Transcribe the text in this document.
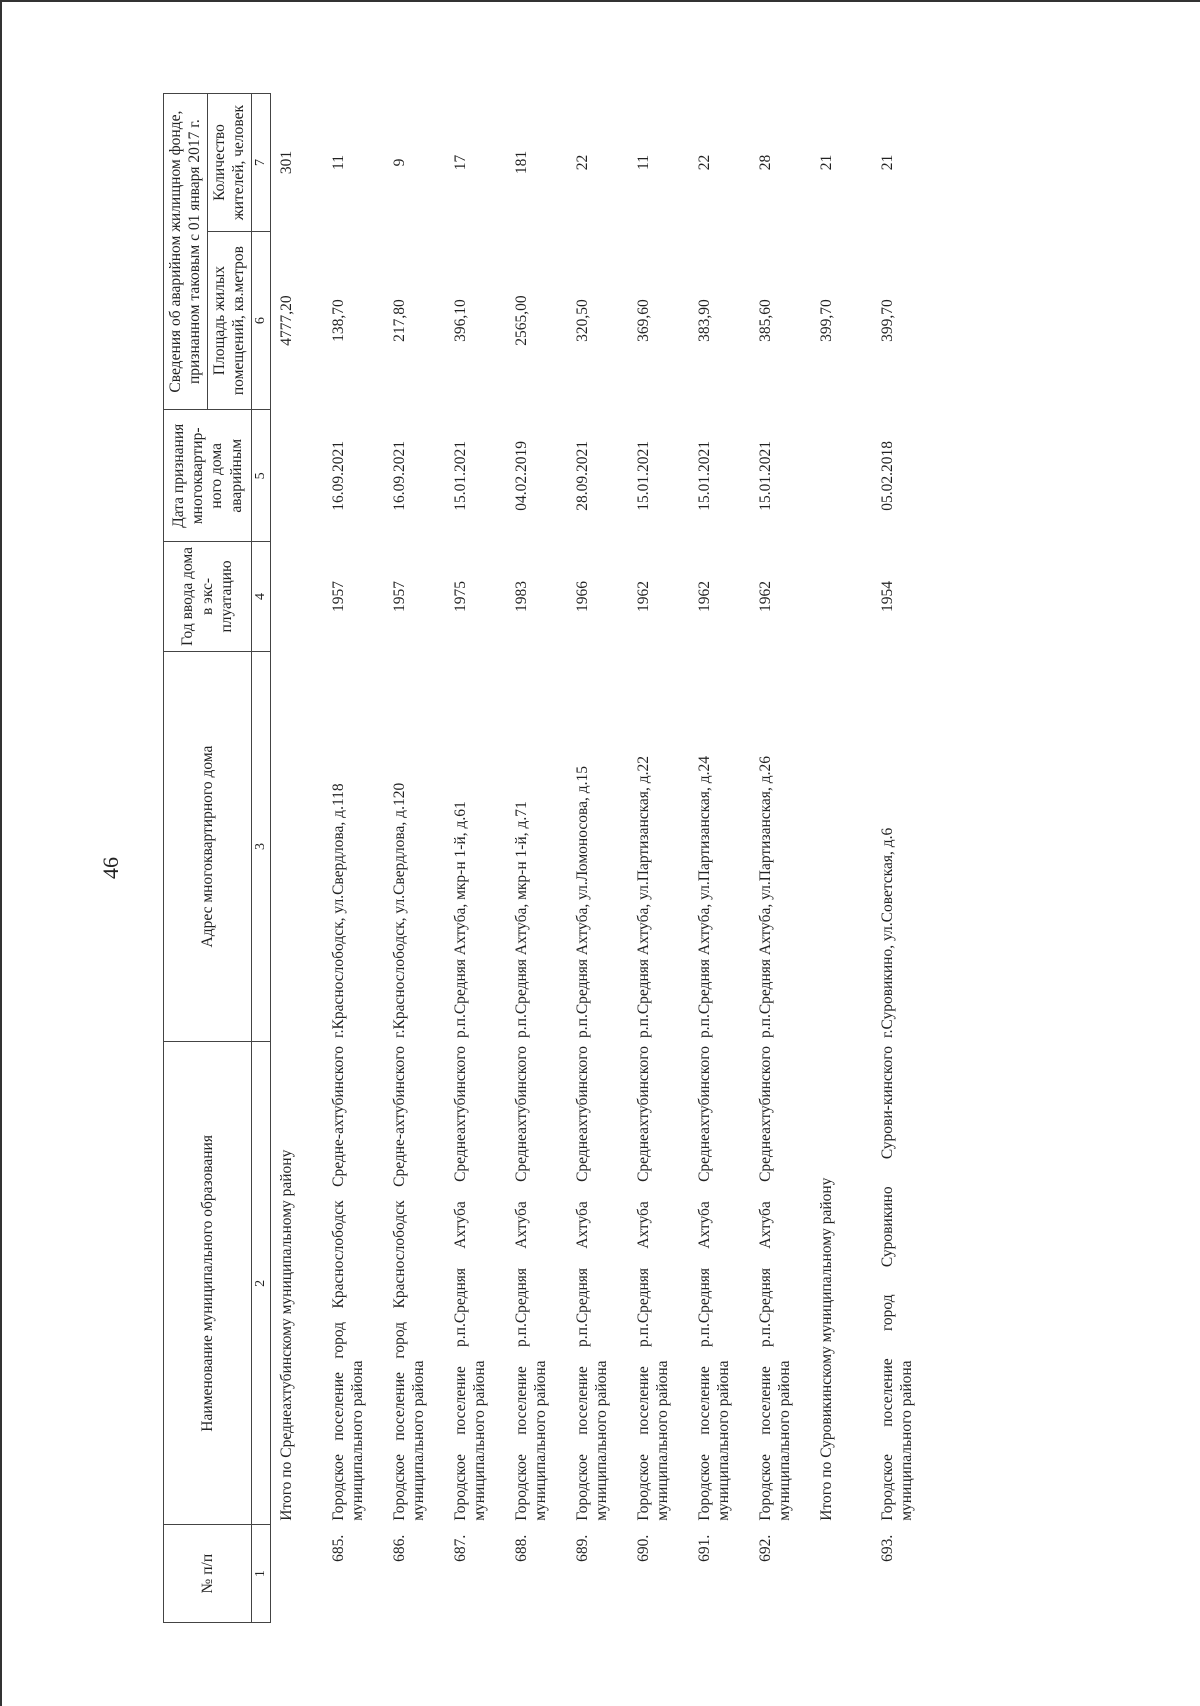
46
№ п/п	Наименование муниципального образования	Адрес многоквартирного дома	Год ввода дома в экс-плуатацию	Дата признания многоквартир-ного дома аварийным	Сведения об аварийном жилищном фонде, признанном таковым с 01 января 2017 г.	
					Площадь жилых помещений, кв.метров	Количество жителей, человек
1	2	3	4	5	6	7
	Итого по Среднеахтубинскому муниципальному району				4777,20	301
685.	Городское поселение город Краснослободск Средне-ахтубинского муниципального района	г.Краснослободск, ул.Свердлова, д.118	1957	16.09.2021	138,70	11
686.	Городское поселение город Краснослободск Средне-ахтубинского муниципального района	г.Краснослободск, ул.Свердлова, д.120	1957	16.09.2021	217,80	9
687.	Городское поселение р.п.Средняя Ахтуба Среднеахтубинского муниципального района	р.п.Средняя Ахтуба, мкр-н 1-й, д.61	1975	15.01.2021	396,10	17
688.	Городское поселение р.п.Средняя Ахтуба Среднеахтубинского муниципального района	р.п.Средняя Ахтуба, мкр-н 1-й, д.71	1983	04.02.2019	2565,00	181
689.	Городское поселение р.п.Средняя Ахтуба Среднеахтубинского муниципального района	р.п.Средняя Ахтуба, ул.Ломоносова, д.15	1966	28.09.2021	320,50	22
690.	Городское поселение р.п.Средняя Ахтуба Среднеахтубинского муниципального района	р.п.Средняя Ахтуба, ул.Партизанская, д.22	1962	15.01.2021	369,60	11
691.	Городское поселение р.п.Средняя Ахтуба Среднеахтубинского муниципального района	р.п.Средняя Ахтуба, ул.Партизанская, д.24	1962	15.01.2021	383,90	22
692.	Городское поселение р.п.Средняя Ахтуба Среднеахтубинского муниципального района	р.п.Средняя Ахтуба, ул.Партизанская, д.26	1962	15.01.2021	385,60	28
	Итого по Суровикинскому муниципальному району				399,70	21
693.	Городское поселение город Суровикино Сурови-кинского муниципального района	г.Суровикино, ул.Советская, д.6	1954	05.02.2018	399,70	21
